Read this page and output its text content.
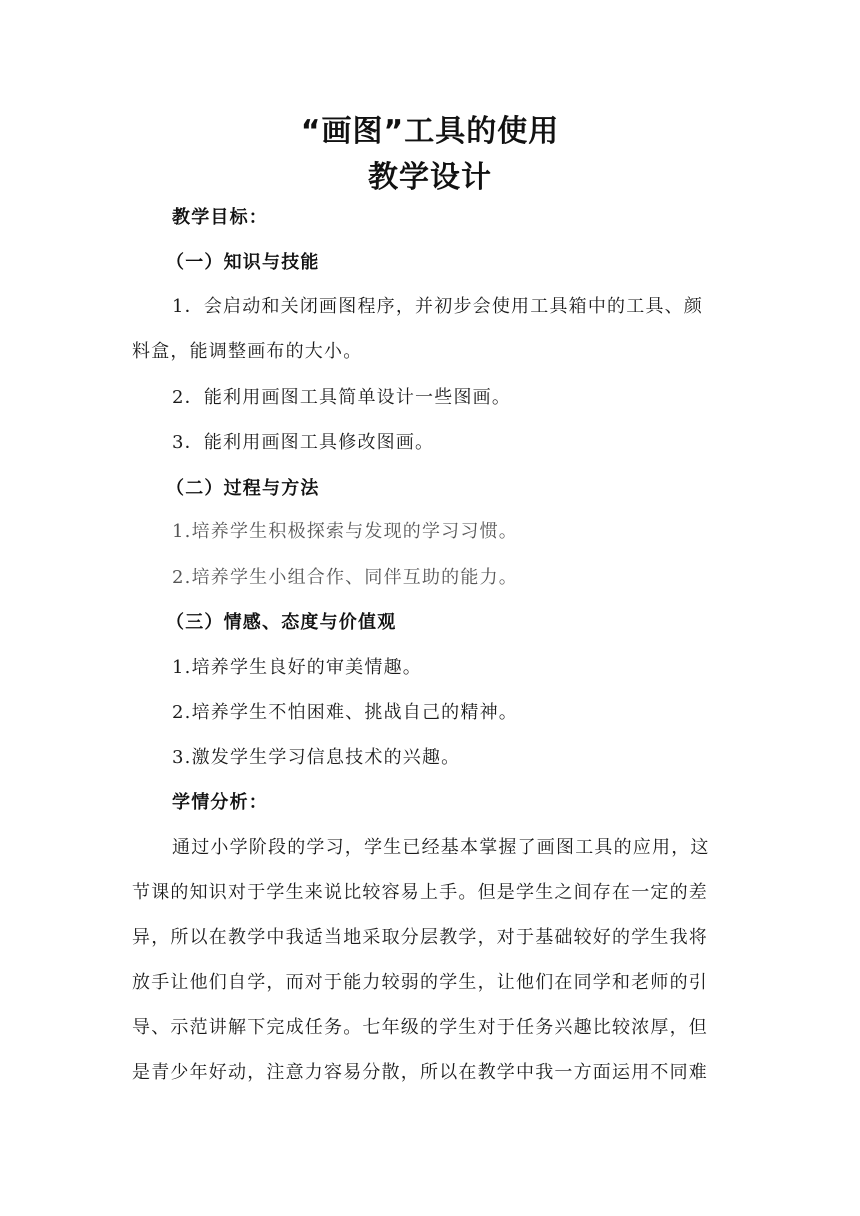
“画图”工具的使用
教学设计
教学目标：
（一）知识与技能
1．会启动和关闭画图程序，并初步会使用工具箱中的工具、颜
料盒，能调整画布的大小。
2．能利用画图工具简单设计一些图画。
3．能利用画图工具修改图画。
（二）过程与方法
1.培养学生积极探索与发现的学习习惯。
2.培养学生小组合作、同伴互助的能力。
（三）情感、态度与价值观
1.培养学生良好的审美情趣。
2.培养学生不怕困难、挑战自己的精神。
3.激发学生学习信息技术的兴趣。
学情分析：
通过小学阶段的学习，学生已经基本掌握了画图工具的应用，这
节课的知识对于学生来说比较容易上手。但是学生之间存在一定的差
异，所以在教学中我适当地采取分层教学，对于基础较好的学生我将
放手让他们自学，而对于能力较弱的学生，让他们在同学和老师的引
导、示范讲解下完成任务。七年级的学生对于任务兴趣比较浓厚，但
是青少年好动，注意力容易分散，所以在教学中我一方面运用不同难
